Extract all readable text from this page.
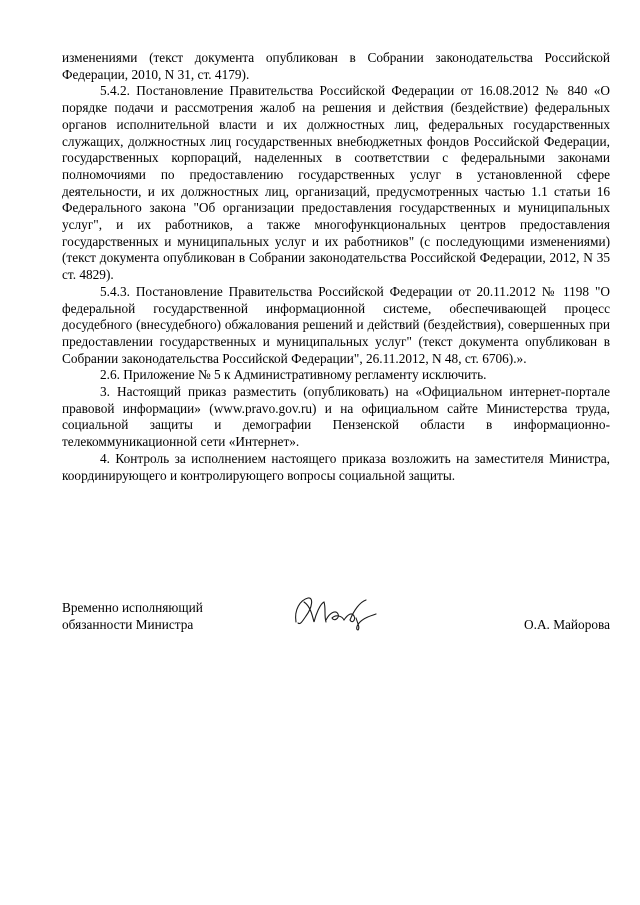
изменениями (текст документа опубликован в Собрании законодательства Российской Федерации, 2010, N 31, ст. 4179).

5.4.2. Постановление Правительства Российской Федерации от 16.08.2012 № 840 «О порядке подачи и рассмотрения жалоб на решения и действия (бездействие) федеральных органов исполнительной власти и их должностных лиц, федеральных государственных служащих, должностных лиц государственных внебюджетных фондов Российской Федерации, государственных корпораций, наделенных в соответствии с федеральными законами полномочиями по предоставлению государственных услуг в установленной сфере деятельности, и их должностных лиц, организаций, предусмотренных частью 1.1 статьи 16 Федерального закона "Об организации предоставления государственных и муниципальных услуг", и их работников, а также многофункциональных центров предоставления государственных и муниципальных услуг и их работников" (с последующими изменениями) (текст документа опубликован в Собрании законодательства Российской Федерации, 2012, N 35 ст. 4829).

5.4.3. Постановление Правительства Российской Федерации от 20.11.2012 № 1198 "О федеральной государственной информационной системе, обеспечивающей процесс досудебного (внесудебного) обжалования решений и действий (бездействия), совершенных при предоставлении государственных и муниципальных услуг" (текст документа опубликован в Собрании законодательства Российской Федерации", 26.11.2012, N 48, ст. 6706).».

2.6. Приложение № 5 к Административному регламенту исключить.

3. Настоящий приказ разместить (опубликовать) на «Официальном интернет-портале правовой информации» (www.pravo.gov.ru) и на официальном сайте Министерства труда, социальной защиты и демографии Пензенской области в информационно-телекоммуникационной сети «Интернет».

4. Контроль за исполнением настоящего приказа возложить на заместителя Министра, координирующего и контролирующего вопросы социальной защиты.

Временно исполняющий
обязанности Министра	О.А. Майорова
